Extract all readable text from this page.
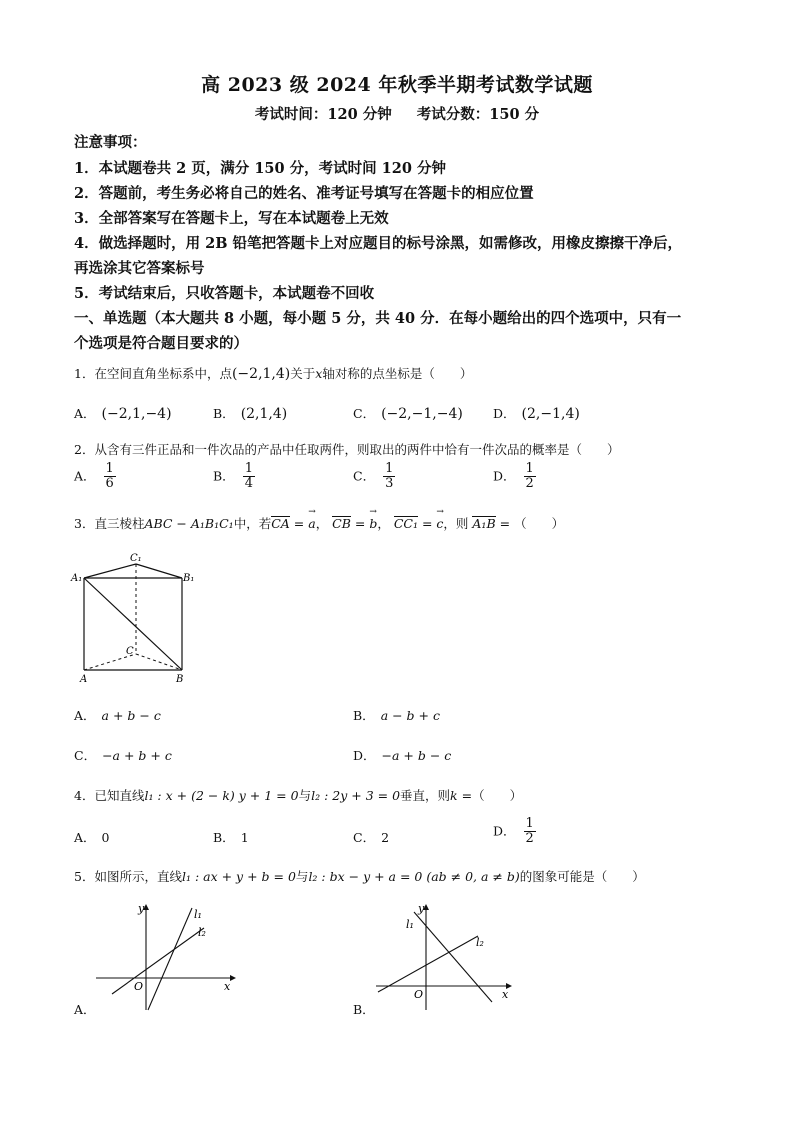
高 2023 级 2024 年秋季半期考试数学试题
考试时间：120 分钟 考试分数：150 分
注意事项：
1．本试题卷共 2 页，满分 150 分，考试时间 120 分钟
2．答题前，考生务必将自己的姓名、准考证号填写在答题卡的相应位置
3．全部答案写在答题卡上，写在本试题卷上无效
4．做选择题时，用 2B 铅笔把答题卡上对应题目的标号涂黑，如需修改，用橡皮擦擦干净后，
再选涂其它答案标号
5．考试结束后，只收答题卡，本试题卷不回收
一、单选题（本大题共 8 小题，每小题 5 分，共 40 分．在每小题给出的四个选项中，只有一
个选项是符合题目要求的）
1．在空间直角坐标系中，点(−2,1,4)关于x轴对称的点坐标是（　　）
A． (−2,1,−4)	B． (2,1,4)	C． (−2,−1,−4) D． (2,−1,4)
2．从含有三件正品和一件次品的产品中任取两件，则取出的两件中恰有一件次品的概率是（　　）
A． $\frac{1}{6}$	B． $\frac{1}{4}$	C． $\frac{1}{3}$	D． $\frac{1}{2}$
3．直三棱柱ABC − A₁B₁C₁中，若CA = → a， CB = → b， CC₁ = → c，则 A₁B = （　　）
A₁	B₁
C₁
A	B
C
A． a + b − c	B． a − b + c
C． −a + b + c	D． −a + b − c
4．已知直线l₁ : x + (2 − k) y + 1 = 0与l₂ : 2y + 3 = 0垂直，则k =（　　）
A． 0	B． 1	C． 2	D． $\frac{1}{2}$
5．如图所示，直线l₁ : ax + y + b = 0与l₂ : bx − y + a = 0 (ab ≠ 0, a ≠ b)的图象可能是（　　）
y
x
O
l₁
l₂
A．
y
x
O
l₁
l₂
B．
